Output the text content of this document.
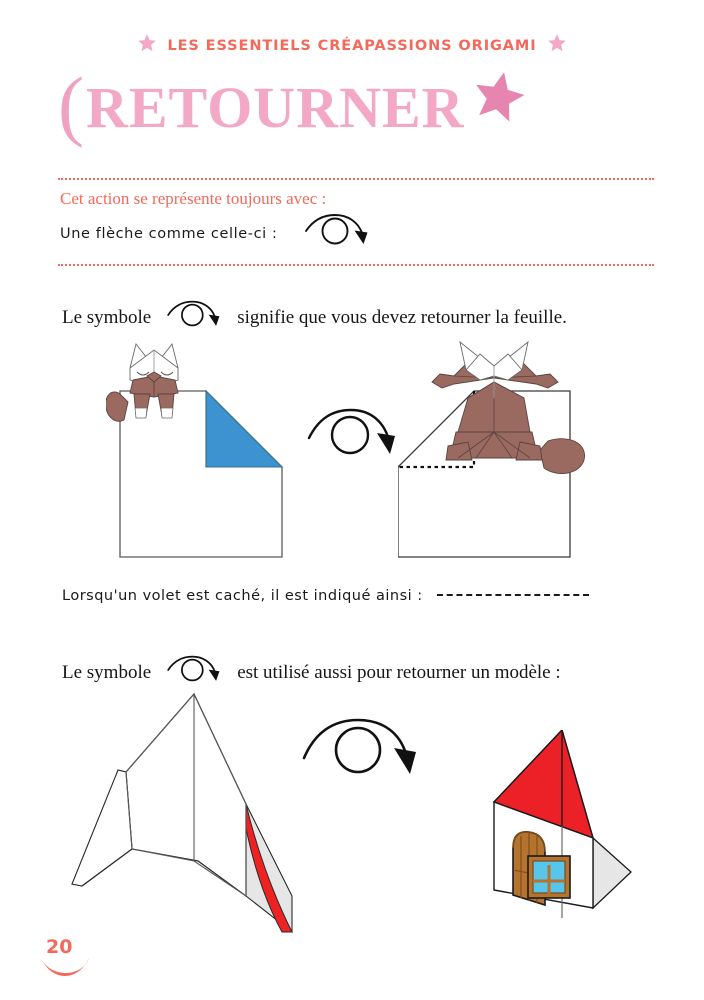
LES ESSENTIELS CRÉAPASSIONS ORIGAMI
( RETOURNER
Cet action se représente toujours avec :
Une flèche comme celle-ci :
Le symbole	signifie que vous devez retourner la feuille.
Lorsqu'un volet est caché, il est indiqué ainsi :
Le symbole	est utilisé aussi pour retourner un modèle :
20
